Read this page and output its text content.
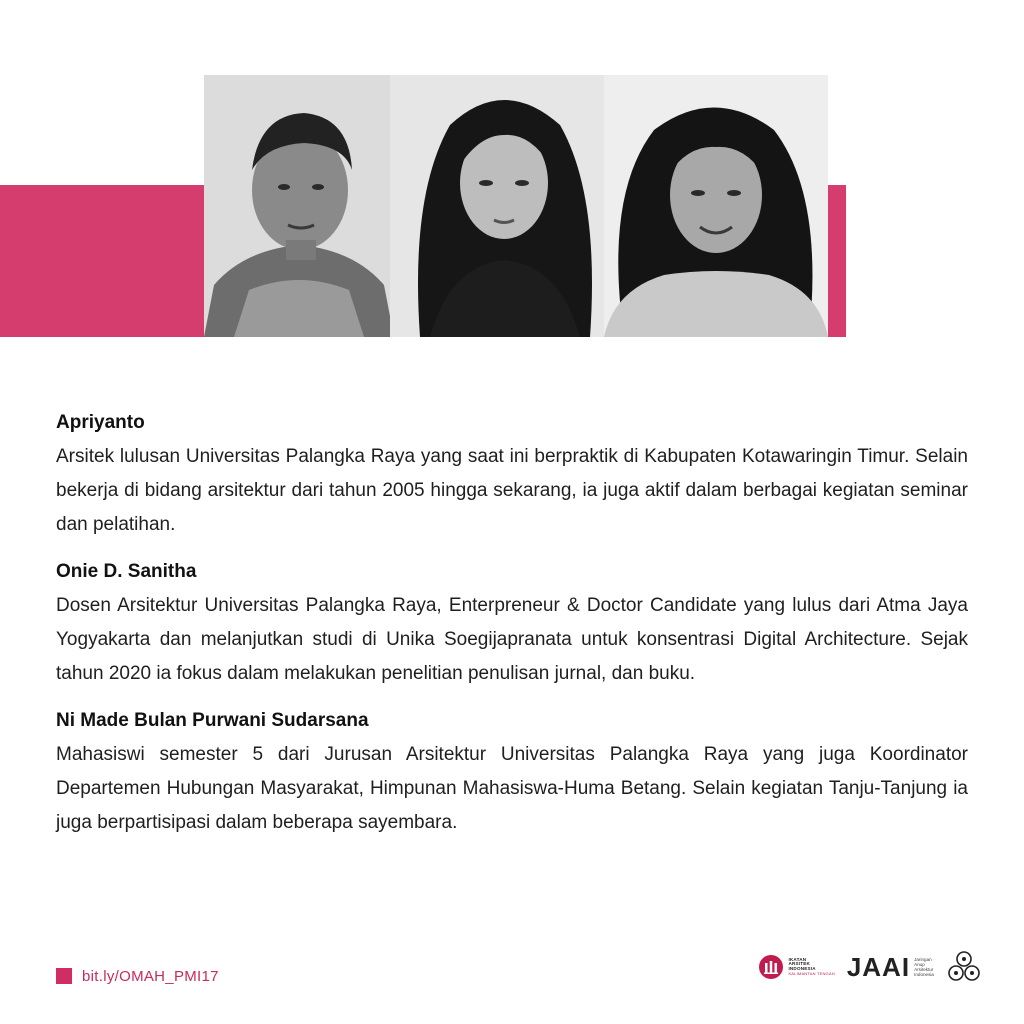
Apriyanto

Arsitek lulusan Universitas Palangka Raya yang saat ini berpraktik di Kabupaten Kotawaringin Timur. Selain bekerja di bidang arsitektur dari tahun 2005 hingga sekarang, ia juga aktif dalam berbagai kegiatan seminar dan pelatihan.

Onie D. Sanitha

Dosen Arsitektur Universitas Palangka Raya, Enterpreneur & Doctor Candidate yang lulus dari Atma Jaya Yogyakarta dan melanjutkan studi di Unika Soegijapranata untuk konsentrasi Digital Architecture. Sejak tahun 2020 ia fokus dalam melakukan penelitian penulisan jurnal, dan buku.

Ni Made Bulan Purwani Sudarsana

Mahasiswi semester 5 dari Jurusan Arsitektur Universitas Palangka Raya yang juga Koordinator Departemen Hubungan Masyarakat, Himpunan Mahasiswa-Huma Betang. Selain kegiatan Tanju-Tanjung ia juga berpartisipasi dalam beberapa sayembara.

bit.ly/OMAH_PMI17
IKATAN
ARSITEK
INDONESIA
KALIMANTAN TENGAH JAAI Jaringan
Anup
Arsitektur
Indonesia
